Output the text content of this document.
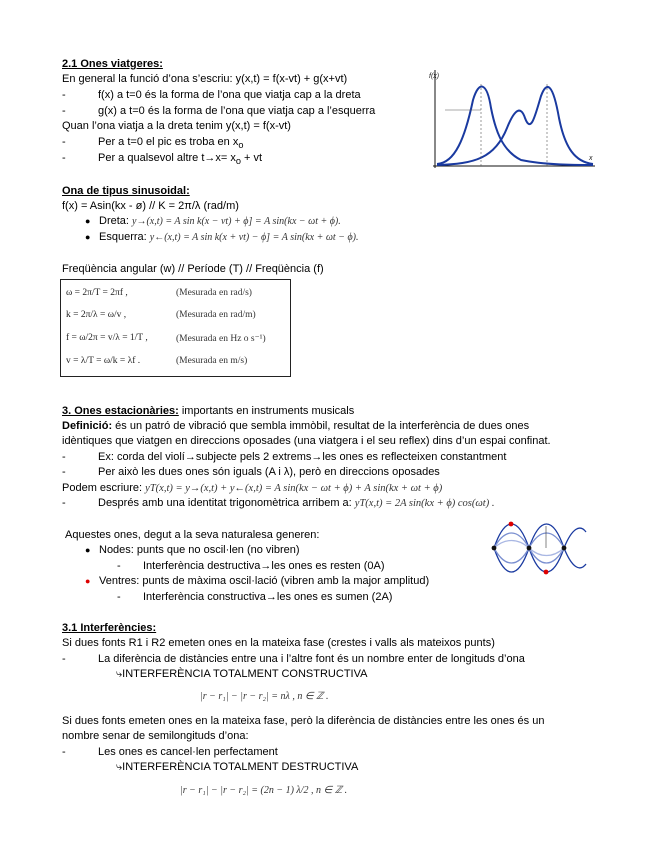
2.1 Ones viatgeres:
En general la funció d’ona s’escriu: y(x,t) = f(x-vt) + g(x+vt)
-	f(x) a t=0 és la forma de l’ona que viatja cap a la dreta
-	g(x) a t=0 és la forma de l’ona que viatja cap a l’esquerra
Quan l’ona viatja a la dreta tenim y(x,t) = f(x-vt)
-	Per a t=0 el pic es troba en $x_o$
-	Per a qualsevol altre $t\to x= x_o$ + vt
f(x)
x
Ona de tipus sinusoidal:
f(x) = Asin(kx - ø) // K = 2π/λ (rad/m)
● Dreta: y→(x,t) = A sin k(x − vt) + ϕ] = A sin(kx − ωt + ϕ).
● Esquerra: y←(x,t) = A sin k(x + vt) − ϕ] = A sin(kx + ωt − ϕ).
Freqüència angular (w) // Període (T) // Freqüència (f)
ω = 2π/T = 2πf ,	(Mesurada en rad/s)
k = 2π/λ = ω/v ,	(Mesurada en rad/m)
f = ω/2π = v/λ = 1/T ,	(Mesurada en Hz o s⁻¹)
v = λ/T = ω/k = λf .	(Mesurada en m/s)
3. Ones estacionàries: importants en instruments musicals
Definició: és un patró de vibració que sembla immòbil, resultat de la interferència de dues ones
idèntiques que viatgen en direccions oposades (una viatgera i el seu reflex) dins d’un espai confinat.
-	Ex: corda del violí→subjecte pels 2 extrems→les ones es reflecteixen constantment
-	Per això les dues ones són iguals (A i λ), però en direccions oposades
Podem escriure: yT(x,t) = y→(x,t) + y←(x,t) = A sin(kx − ωt + ϕ) + A sin(kx + ωt + ϕ)
-	Després amb una identitat trigonomètrica arribem a: yT(x,t) = 2A sin(kx + ϕ) cos(ωt) .
Aquestes ones, degut a la seva naturalesa generen:
● Nodes: punts que no oscil·len (no vibren)
- Interferència destructiva→les ones es resten (0A)
● Ventres: punts de màxima oscil·lació (vibren amb la major amplitud)
- Interferència constructiva→les ones es sumen (2A)
3.1 Interferències:
Si dues fonts R1 i R2 emeten ones en la mateixa fase (crestes i valls als mateixos punts)
-	La diferència de distàncies entre una i l’altre font és un nombre enter de longituds d’ona
⤷INTERFERÈNCIA TOTALMENT CONSTRUCTIVA
|r − r₁| − |r − r₂| = nλ , n ∈ ℤ .
Si dues fonts emeten ones en la mateixa fase, però la diferència de distàncies entre les ones és un
nombre senar de semilongituds d’ona:
-	Les ones es cancel·len perfectament
⤷INTERFERÈNCIA TOTALMENT DESTRUCTIVA
|r − r₁| − |r − r₂| = (2n − 1) λ/2 , n ∈ ℤ .
